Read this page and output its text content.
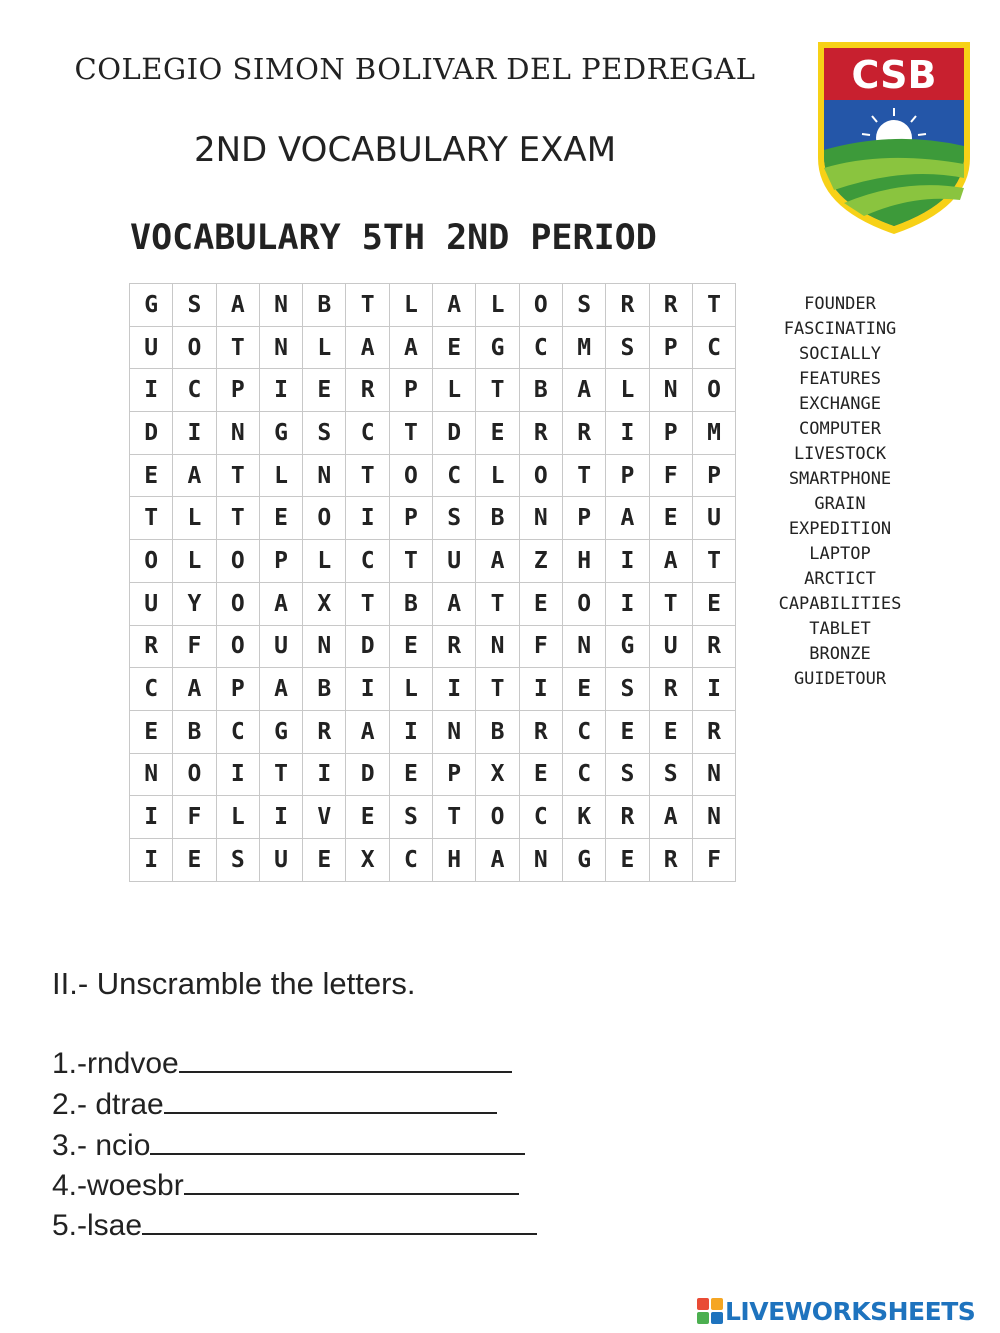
COLEGIO SIMON BOLIVAR DEL PEDREGAL
2ND VOCABULARY EXAM
CSB
VOCABULARY 5TH 2ND PERIOD
G	S	A	N	B	T	L	A	L	O	S	R	R	T
U	O	T	N	L	A	A	E	G	C	M	S	P	C
I	C	P	I	E	R	P	L	T	B	A	L	N	O
D	I	N	G	S	C	T	D	E	R	R	I	P	M
E	A	T	L	N	T	O	C	L	O	T	P	F	P
T	L	T	E	O	I	P	S	B	N	P	A	E	U
O	L	O	P	L	C	T	U	A	Z	H	I	A	T
U	Y	O	A	X	T	B	A	T	E	O	I	T	E
R	F	O	U	N	D	E	R	N	F	N	G	U	R
C	A	P	A	B	I	L	I	T	I	E	S	R	I
E	B	C	G	R	A	I	N	B	R	C	E	E	R
N	O	I	T	I	D	E	P	X	E	C	S	S	N
I	F	L	I	V	E	S	T	O	C	K	R	A	N
I	E	S	U	E	X	C	H	A	N	G	E	R	F
FOUNDER
FASCINATING
SOCIALLY
FEATURES
EXCHANGE
COMPUTER
LIVESTOCK
SMARTPHONE
GRAIN
EXPEDITION
LAPTOP
ARCTICT
CAPABILITIES
TABLET
BRONZE
GUIDETOUR
II.- Unscramble the letters.
1.-rndvoe
2.- dtrae
3.- ncio
4.-woesbr
5.-lsae
LIVEWORKSHEETS
